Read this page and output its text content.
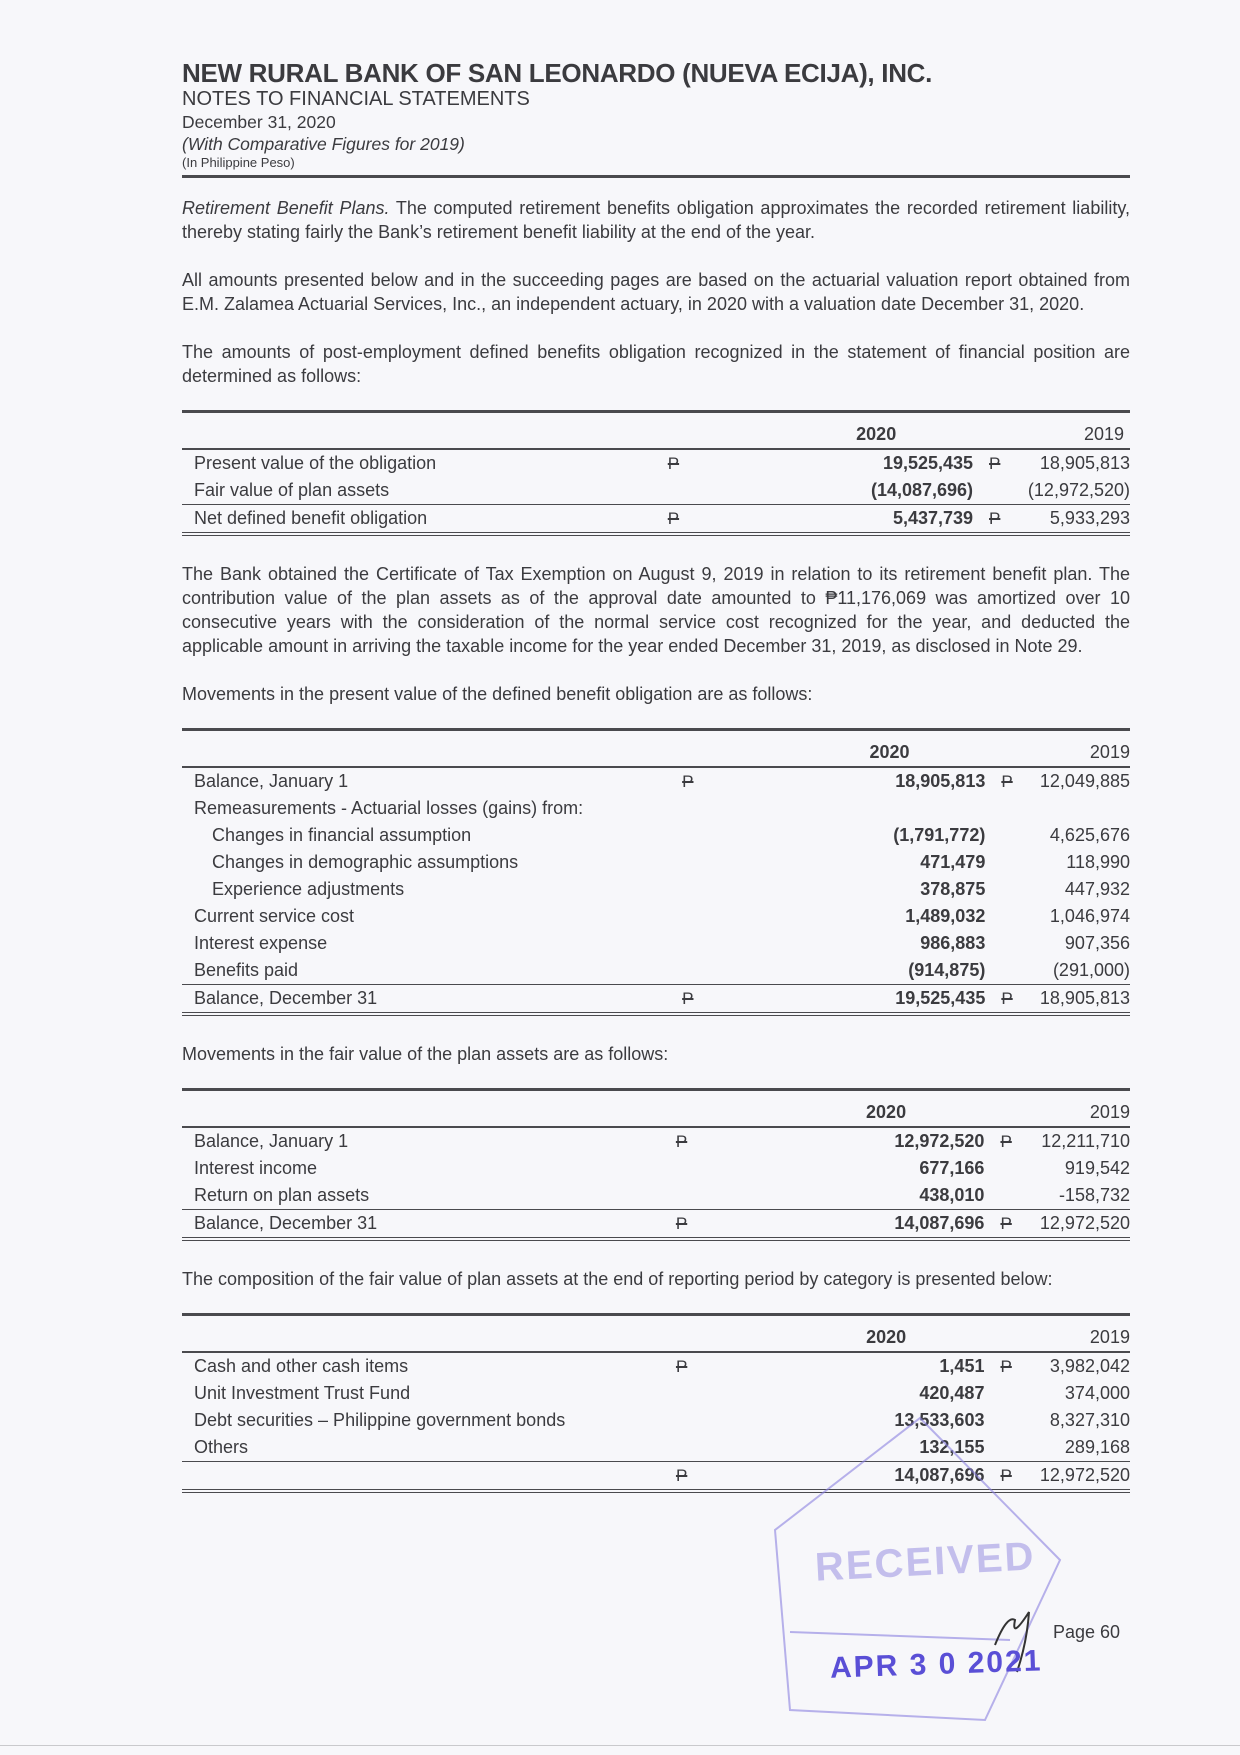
NEW RURAL BANK OF SAN LEONARDO (NUEVA ECIJA), INC.
NOTES TO FINANCIAL STATEMENTS
December 31, 2020
(With Comparative Figures for 2019)
(In Philippine Peso)

Retirement Benefit Plans. The computed retirement benefits obligation approximates the recorded retirement liability, thereby stating fairly the Bank’s retirement benefit liability at the end of the year.

All amounts presented below and in the succeeding pages are based on the actuarial valuation report obtained from E.M. Zalamea Actuarial Services, Inc., an independent actuary, in 2020 with a valuation date December 31, 2020.

The amounts of post-employment defined benefits obligation recognized in the statement of financial position are determined as follows:

		2020		2019
Present value of the obligation	P	19,525,435	P	18,905,813
Fair value of plan assets		(14,087,696)		(12,972,520)
Net defined benefit obligation	P	5,437,739	P	5,933,293

The Bank obtained the Certificate of Tax Exemption on August 9, 2019 in relation to its retirement benefit plan. The contribution value of the plan assets as of the approval date amounted to ₱11,176,069 was amortized over 10 consecutive years with the consideration of the normal service cost recognized for the year, and deducted the applicable amount in arriving the taxable income for the year ended December 31, 2019, as disclosed in Note 29.

Movements in the present value of the defined benefit obligation are as follows:

		2020		2019
Balance, January 1	P	18,905,813	P	12,049,885
Remeasurements - Actuarial losses (gains) from:				
Changes in financial assumption		(1,791,772)		4,625,676
Changes in demographic assumptions		471,479		118,990
Experience adjustments		378,875		447,932
Current service cost		1,489,032		1,046,974
Interest expense		986,883		907,356
Benefits paid		(914,875)		(291,000)
Balance, December 31	P	19,525,435	P	18,905,813

Movements in the fair value of the plan assets are as follows:

		2020		2019
Balance, January 1	P	12,972,520	P	12,211,710
Interest income		677,166		919,542
Return on plan assets		438,010		-158,732
Balance, December 31	P	14,087,696	P	12,972,520

The composition of the fair value of plan assets at the end of reporting period by category is presented below:

		2020		2019
Cash and other cash items	P	1,451	P	3,982,042
Unit Investment Trust Fund		420,487		374,000
Debt securities – Philippine government bonds		13,533,603		8,327,310
Others		132,155		289,168
	P	14,087,696	P	12,972,520
RECEIVED
APR 3 0 2021
Page 60
